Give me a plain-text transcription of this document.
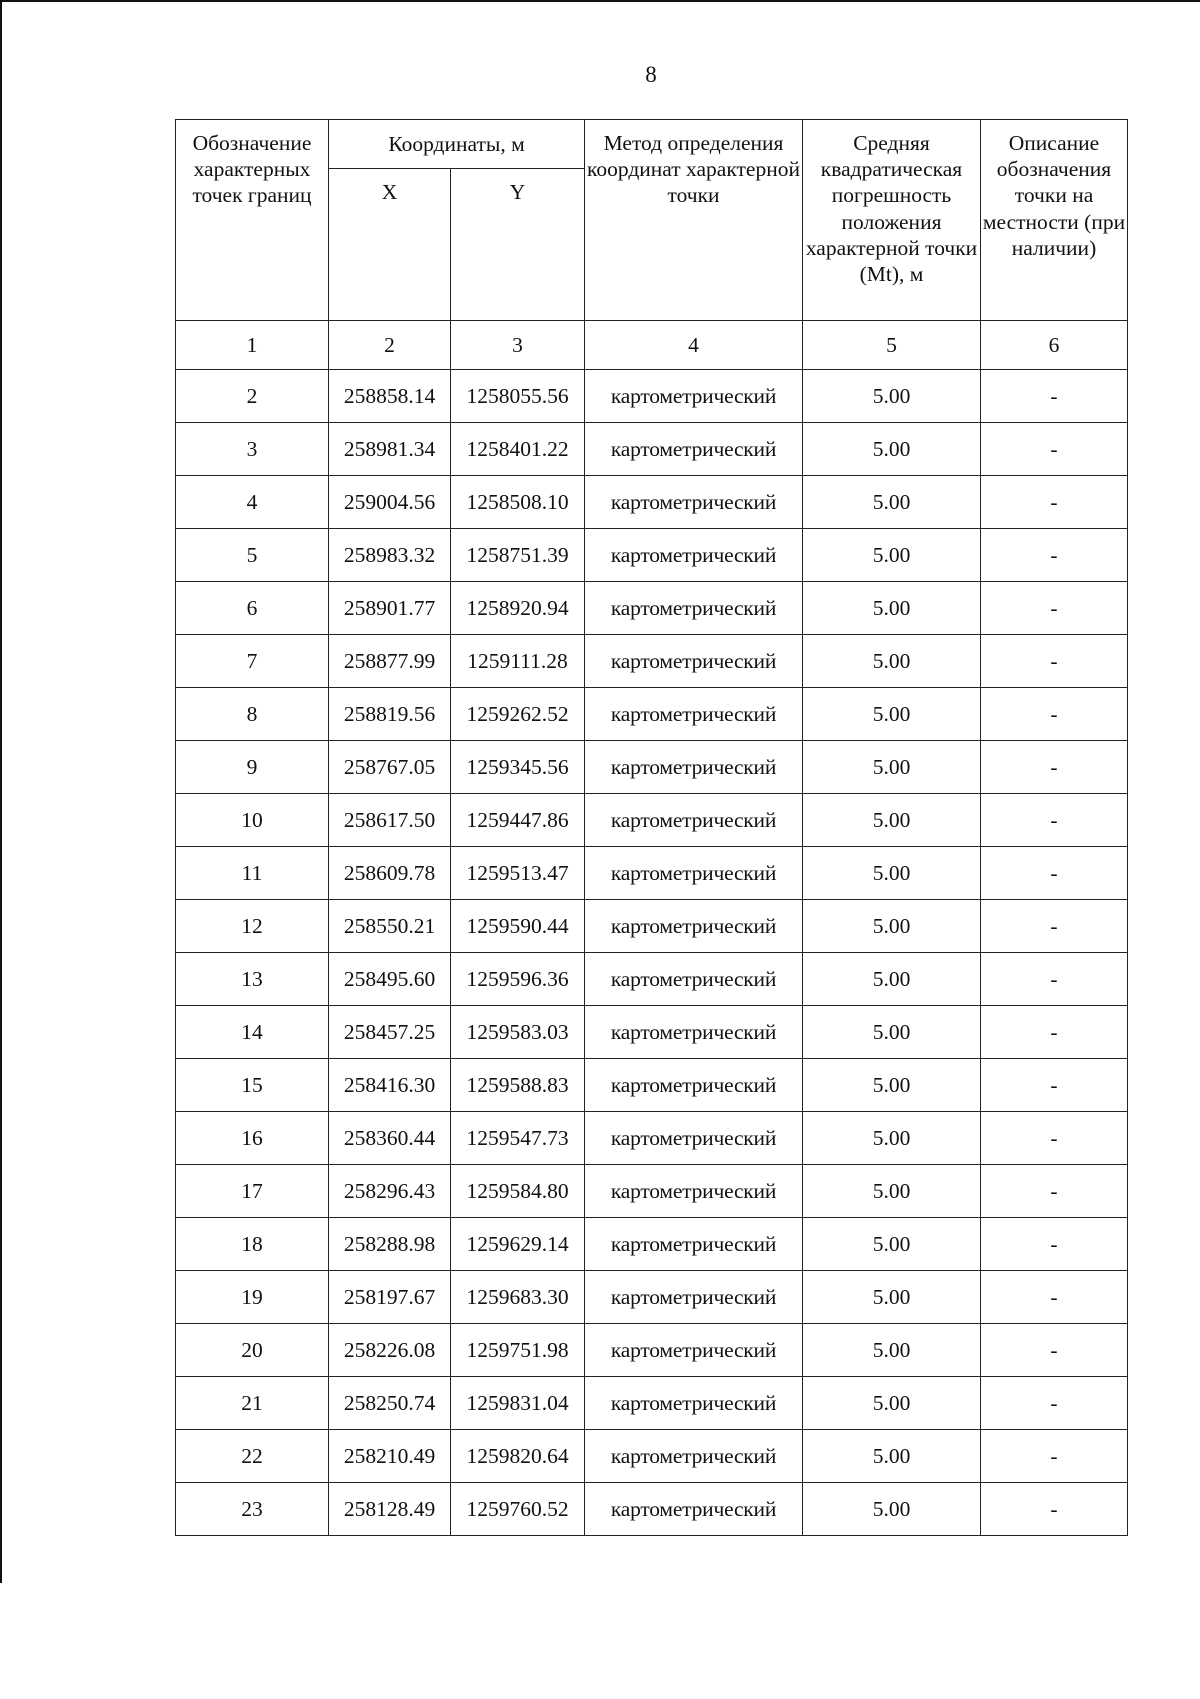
8
Обозначение характерных точек границ	Координаты, м		Метод определения координат характерной точки	Средняя квадратическая погрешность положения характерной точки (Mt), м	Описание обозначения точки на местности (при наличии)
	X	Y			
1	2	3	4	5	6
2	258858.14	1258055.56	картометрический	5.00	-
3	258981.34	1258401.22	картометрический	5.00	-
4	259004.56	1258508.10	картометрический	5.00	-
5	258983.32	1258751.39	картометрический	5.00	-
6	258901.77	1258920.94	картометрический	5.00	-
7	258877.99	1259111.28	картометрический	5.00	-
8	258819.56	1259262.52	картометрический	5.00	-
9	258767.05	1259345.56	картометрический	5.00	-
10	258617.50	1259447.86	картометрический	5.00	-
11	258609.78	1259513.47	картометрический	5.00	-
12	258550.21	1259590.44	картометрический	5.00	-
13	258495.60	1259596.36	картометрический	5.00	-
14	258457.25	1259583.03	картометрический	5.00	-
15	258416.30	1259588.83	картометрический	5.00	-
16	258360.44	1259547.73	картометрический	5.00	-
17	258296.43	1259584.80	картометрический	5.00	-
18	258288.98	1259629.14	картометрический	5.00	-
19	258197.67	1259683.30	картометрический	5.00	-
20	258226.08	1259751.98	картометрический	5.00	-
21	258250.74	1259831.04	картометрический	5.00	-
22	258210.49	1259820.64	картометрический	5.00	-
23	258128.49	1259760.52	картометрический	5.00	-
